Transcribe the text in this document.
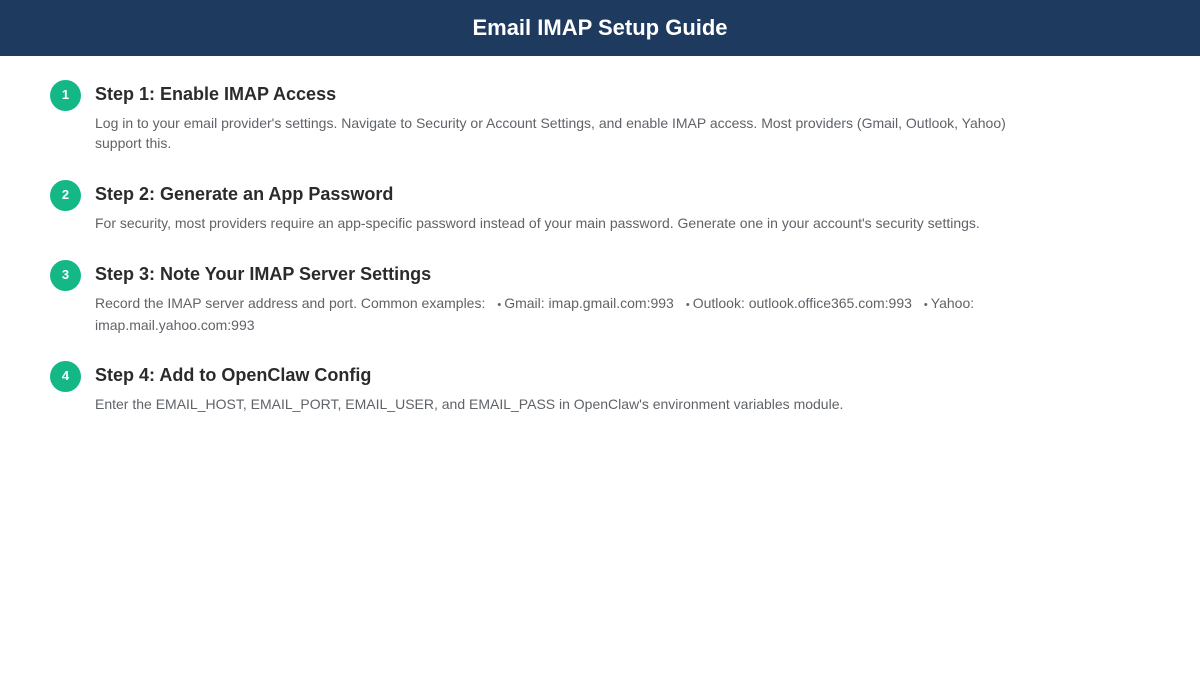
Email IMAP Setup Guide
1	Step 1: Enable IMAP Access

Log in to your email provider's settings. Navigate to Security or Account Settings, and enable IMAP access. Most providers (Gmail, Outlook, Yahoo) support this.

2	Step 2: Generate an App Password

For security, most providers require an app-specific password instead of your main password. Generate one in your account's security settings.

3	Step 3: Note Your IMAP Server Settings

Record the IMAP server address and port. Common examples: • Gmail: imap.gmail.com:993 • Outlook: outlook.office365.com:993 • Yahoo: imap.mail.yahoo.com:993

4	Step 4: Add to OpenClaw Config

Enter the EMAIL_HOST, EMAIL_PORT, EMAIL_USER, and EMAIL_PASS in OpenClaw's environment variables module.
